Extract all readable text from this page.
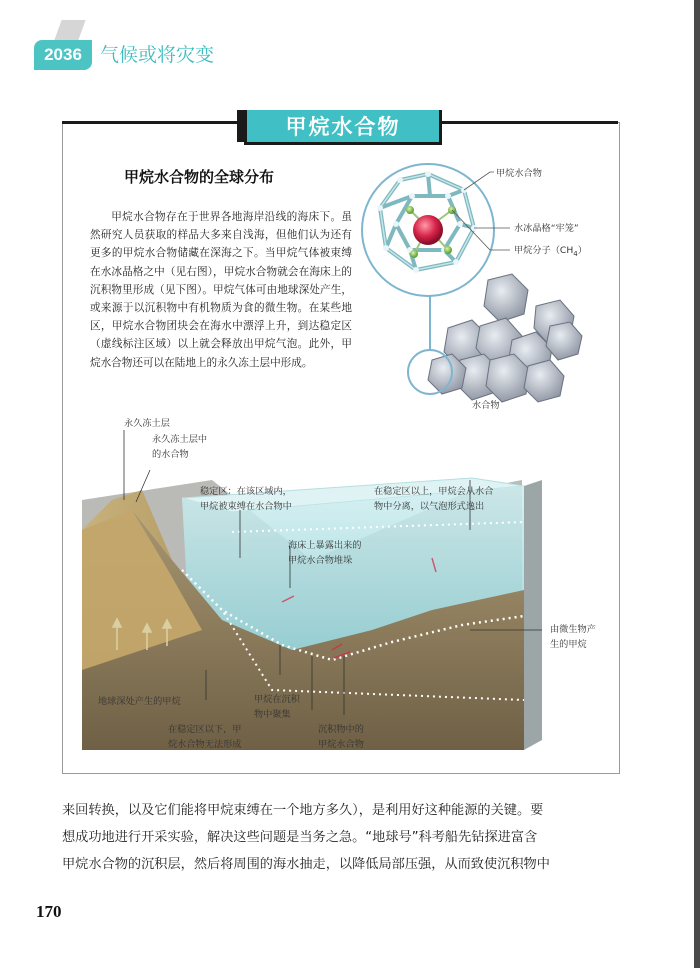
2036 气候或将灾变
甲烷水合物
甲烷水合物的全球分布
甲烷水合物存在于世界各地海岸沿线的海床下。虽然研究人员获取的样品大多来自浅海，但他们认为还有更多的甲烷水合物储藏在深海之下。当甲烷气体被束缚在水冰晶格之中（见右图），甲烷水合物就会在海床上的沉积物里形成（见下图）。甲烷气体可由地球深处产生，或来源于以沉积物中有机物质为食的微生物。在某些地区，甲烷水合物团块会在海水中漂浮上升，到达稳定区（虚线标注区域）以上就会释放出甲烷气泡。此外，甲烷水合物还可以在陆地上的永久冻土层中形成。
甲烷水合物
水冰晶格“牢笼”
甲烷分子$(CH_4)$
水合物
永久冻土层
永久冻土层中
的水合物
稳定区：在该区域内，
甲烷被束缚在水合物中
在稳定区以上，甲烷会从水合
物中分离，以气泡形式逸出
海床上暴露出来的
甲烷水合物堆垛
由微生物产
生的甲烷
地球深处产生的甲烷	甲烷在沉积
物中聚集
在稳定区以下，甲
烷水合物无法形成
沉积物中的
甲烷水合物

来回转换，以及它们能将甲烷束缚在一个地方多久），是利用好这种能源的关键。要

想成功地进行开采实验，解决这些问题是当务之急。“地球号”科考船先钻探进富含

甲烷水合物的沉积层，然后将周围的海水抽走，以降低局部压强，从而致使沉积物中

170
